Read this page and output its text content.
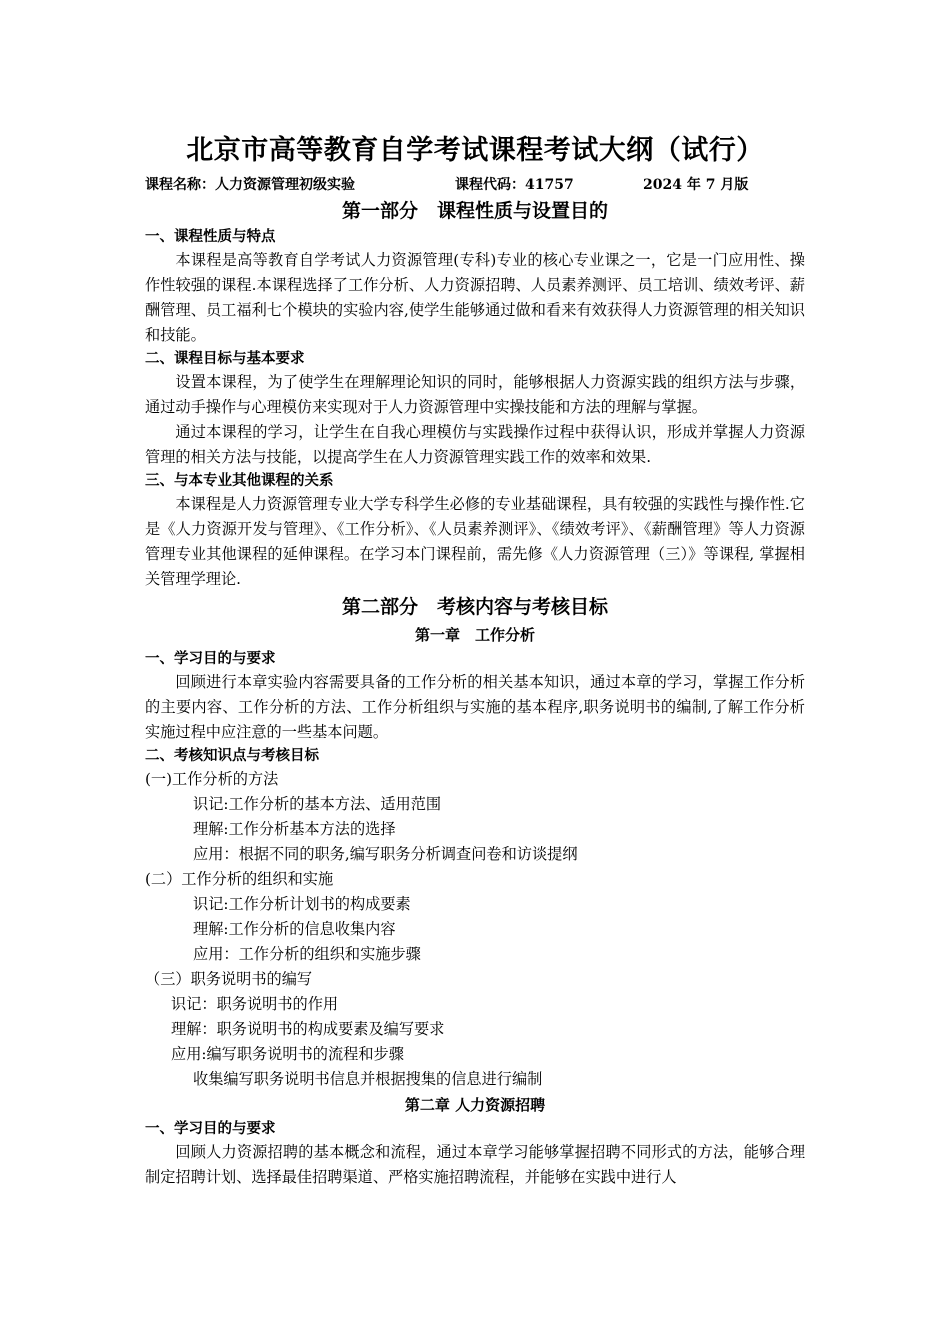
北京市高等教育自学考试课程考试大纲（试行）
课程名称：人力资源管理初级实验	课程代码：41757	2024 年 7 月版
第一部分　课程性质与设置目的
一、课程性质与特点

本课程是高等教育自学考试人力资源管理(专科)专业的核心专业课之一，它是一门应用性、操作性较强的课程.本课程选择了工作分析、人力资源招聘、人员素养测评、员工培训、绩效考评、薪酬管理、员工福利七个模块的实验内容,使学生能够通过做和看来有效获得人力资源管理的相关知识和技能。

二、课程目标与基本要求

设置本课程，为了使学生在理解理论知识的同时，能够根据人力资源实践的组织方法与步骤，通过动手操作与心理模仿来实现对于人力资源管理中实操技能和方法的理解与掌握。

通过本课程的学习，让学生在自我心理模仿与实践操作过程中获得认识，形成并掌握人力资源管理的相关方法与技能，以提高学生在人力资源管理实践工作的效率和效果.

三、与本专业其他课程的关系

本课程是人力资源管理专业大学专科学生必修的专业基础课程，具有较强的实践性与操作性.它是《人力资源开发与管理》、《工作分析》、《人员素养测评》、《绩效考评》、《薪酬管理》等人力资源管理专业其他课程的延伸课程。在学习本门课程前，需先修《人力资源管理（三）》等课程, 掌握相关管理学理论.

第二部分　考核内容与考核目标
第一章　工作分析
一、学习目的与要求

回顾进行本章实验内容需要具备的工作分析的相关基本知识，通过本章的学习，掌握工作分析的主要内容、工作分析的方法、工作分析组织与实施的基本程序,职务说明书的编制,了解工作分析实施过程中应注意的一些基本问题。

二、考核知识点与考核目标
(一)工作分析的方法
识记:工作分析的基本方法、适用范围
理解:工作分析基本方法的选择
应用：根据不同的职务,编写职务分析调查问卷和访谈提纲
(二）工作分析的组织和实施
识记:工作分析计划书的构成要素
理解:工作分析的信息收集内容
应用：工作分析的组织和实施步骤
（三）职务说明书的编写
识记：职务说明书的作用
理解：职务说明书的构成要素及编写要求
应用:编写职务说明书的流程和步骤
收集编写职务说明书信息并根据搜集的信息进行编制
第二章 人力资源招聘
一、学习目的与要求

回顾人力资源招聘的基本概念和流程，通过本章学习能够掌握招聘不同形式的方法，能够合理制定招聘计划、选择最佳招聘渠道、严格实施招聘流程，并能够在实践中进行人
